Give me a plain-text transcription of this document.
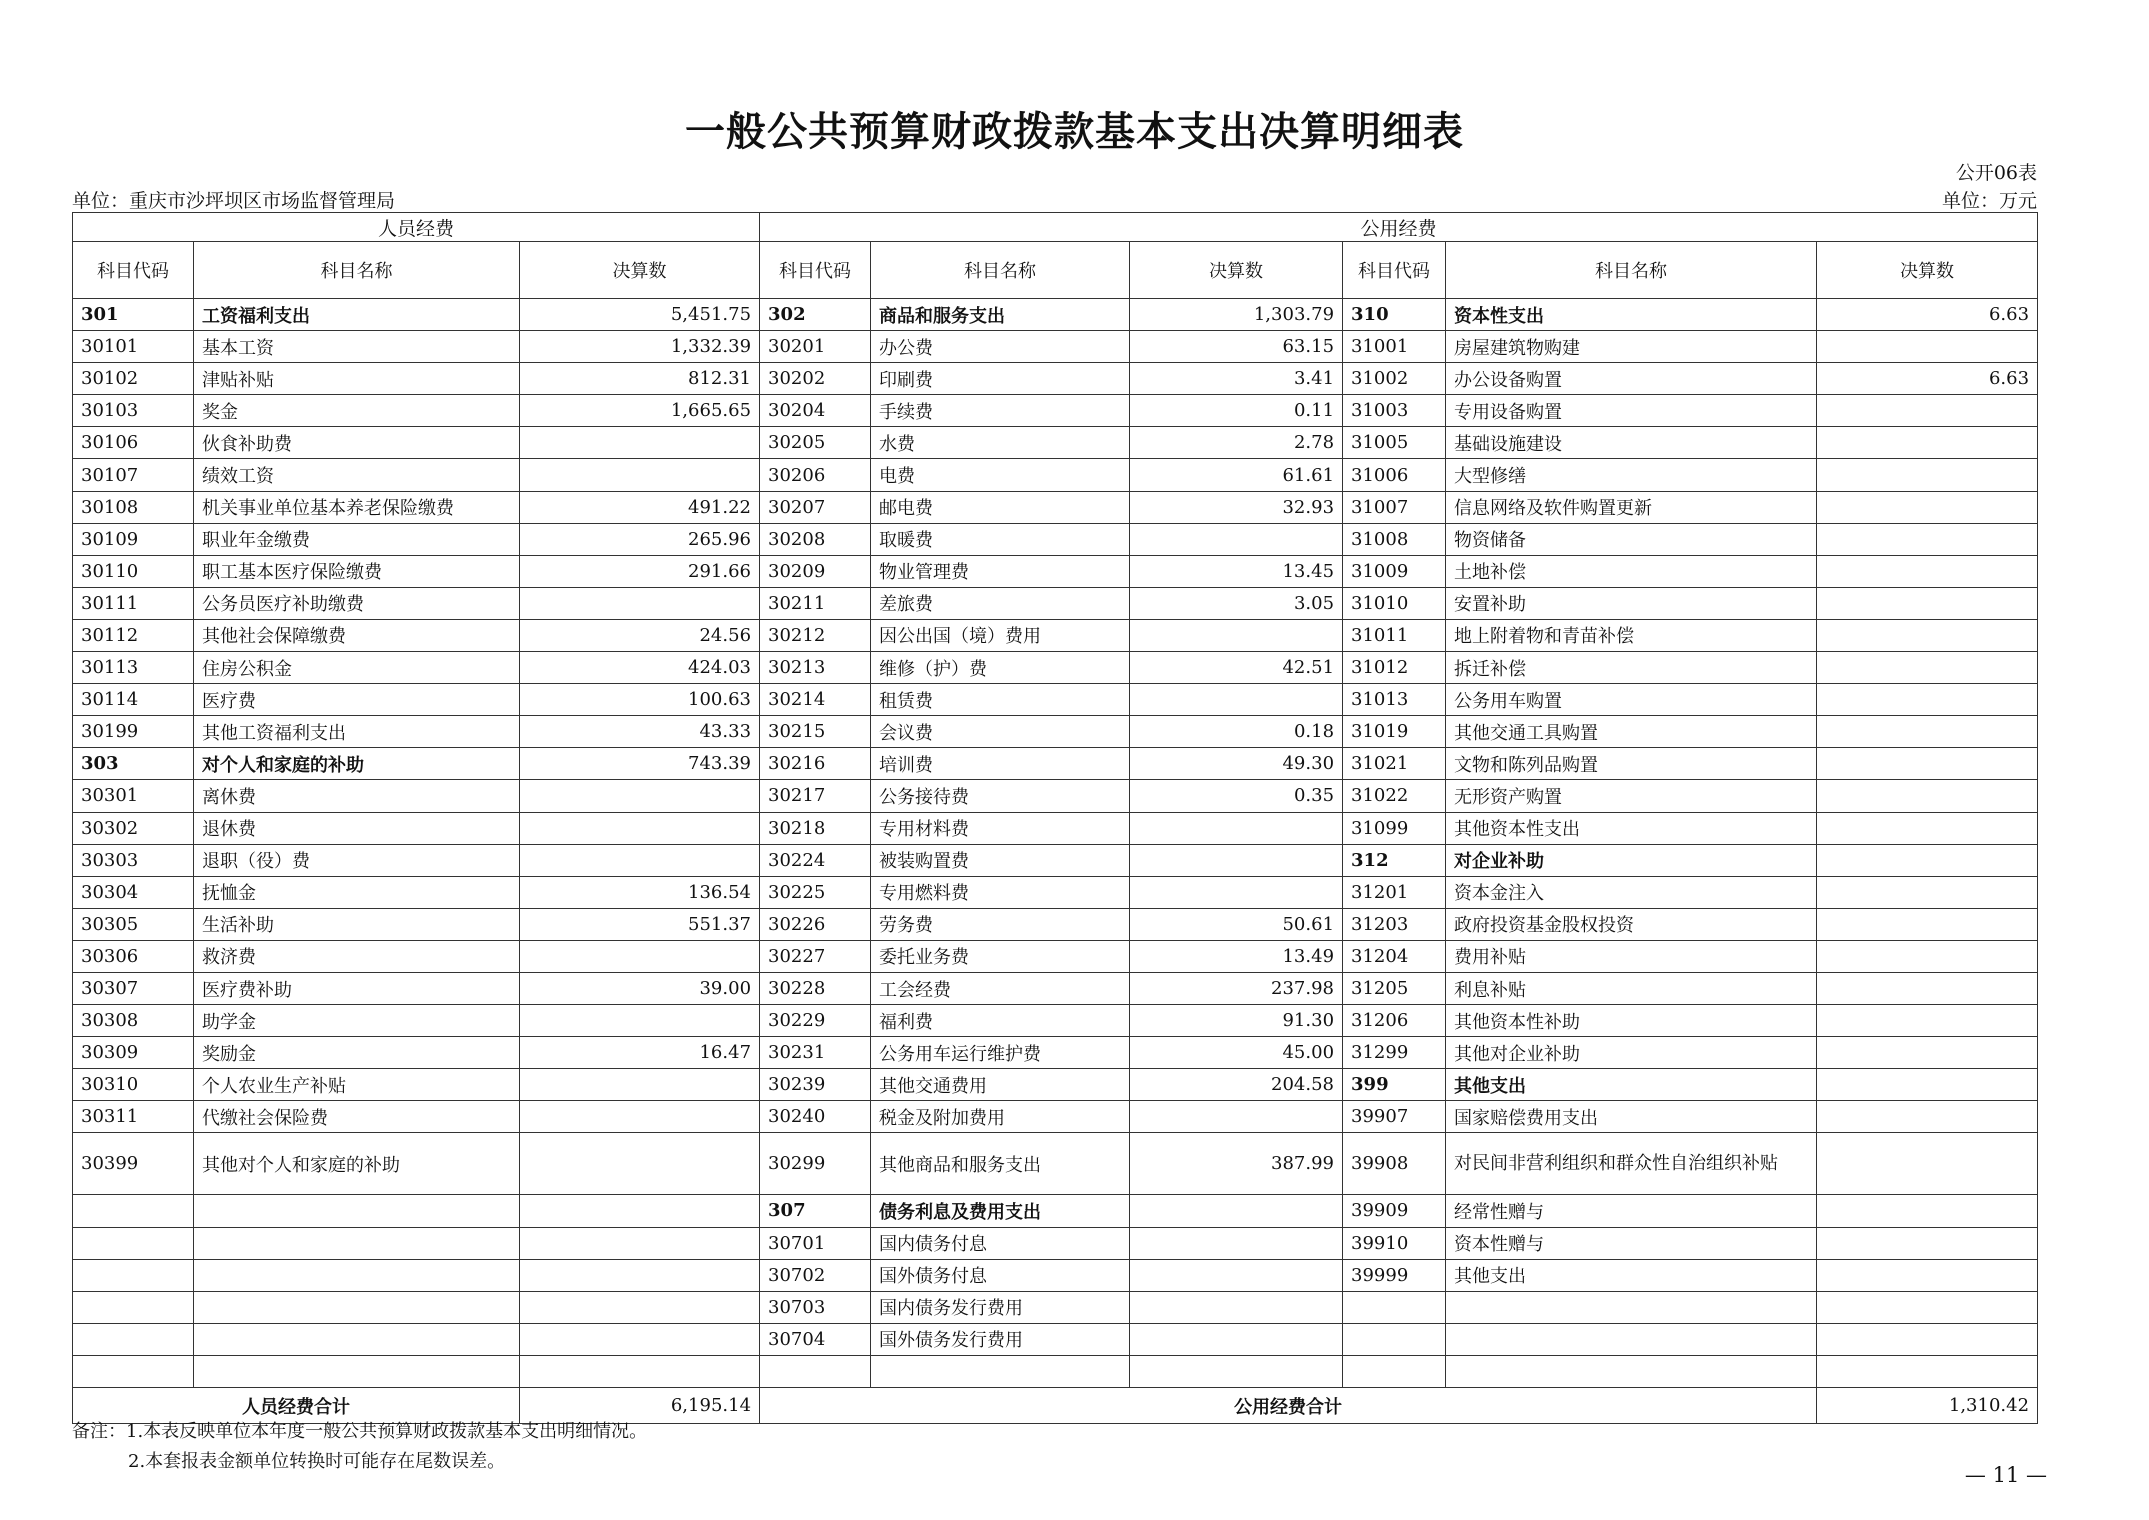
一般公共预算财政拨款基本支出决算明细表
公开06表
单位：重庆市沙坪坝区市场监督管理局	单位：万元
人员经费			公用经费					
科目代码	科目名称	决算数	科目代码	科目名称	决算数	科目代码	科目名称	决算数
301	工资福利支出	5,451.75	302	商品和服务支出	1,303.79	310	资本性支出	6.63
30101	基本工资	1,332.39	30201	办公费	63.15	31001	房屋建筑物购建	
30102	津贴补贴	812.31	30202	印刷费	3.41	31002	办公设备购置	6.63
30103	奖金	1,665.65	30204	手续费	0.11	31003	专用设备购置	
30106	伙食补助费		30205	水费	2.78	31005	基础设施建设	
30107	绩效工资		30206	电费	61.61	31006	大型修缮	
30108	机关事业单位基本养老保险缴费	491.22	30207	邮电费	32.93	31007	信息网络及软件购置更新	
30109	职业年金缴费	265.96	30208	取暖费		31008	物资储备	
30110	职工基本医疗保险缴费	291.66	30209	物业管理费	13.45	31009	土地补偿	
30111	公务员医疗补助缴费		30211	差旅费	3.05	31010	安置补助	
30112	其他社会保障缴费	24.56	30212	因公出国（境）费用		31011	地上附着物和青苗补偿	
30113	住房公积金	424.03	30213	维修（护）费	42.51	31012	拆迁补偿	
30114	医疗费	100.63	30214	租赁费		31013	公务用车购置	
30199	其他工资福利支出	43.33	30215	会议费	0.18	31019	其他交通工具购置	
303	对个人和家庭的补助	743.39	30216	培训费	49.30	31021	文物和陈列品购置	
30301	离休费		30217	公务接待费	0.35	31022	无形资产购置	
30302	退休费		30218	专用材料费		31099	其他资本性支出	
30303	退职（役）费		30224	被装购置费		312	对企业补助	
30304	抚恤金	136.54	30225	专用燃料费		31201	资本金注入	
30305	生活补助	551.37	30226	劳务费	50.61	31203	政府投资基金股权投资	
30306	救济费		30227	委托业务费	13.49	31204	费用补贴	
30307	医疗费补助	39.00	30228	工会经费	237.98	31205	利息补贴	
30308	助学金		30229	福利费	91.30	31206	其他资本性补助	
30309	奖励金	16.47	30231	公务用车运行维护费	45.00	31299	其他对企业补助	
30310	个人农业生产补贴		30239	其他交通费用	204.58	399	其他支出	
30311	代缴社会保险费		30240	税金及附加费用		39907	国家赔偿费用支出	
30399	其他对个人和家庭的补助		30299	其他商品和服务支出	387.99	39908	对民间非营利组织和群众性自治组织补贴	
			307	债务利息及费用支出		39909	经常性赠与	
			30701	国内债务付息		39910	资本性赠与	
			30702	国外债务付息		39999	其他支出	
			30703	国内债务发行费用				
			30704	国外债务发行费用				

人员经费合计		6,195.14	公用经费合计					1,310.42
备注：1.本表反映单位本年度一般公共预算财政拨款基本支出明细情况。
2.本套报表金额单位转换时可能存在尾数误差。
— 11 —
